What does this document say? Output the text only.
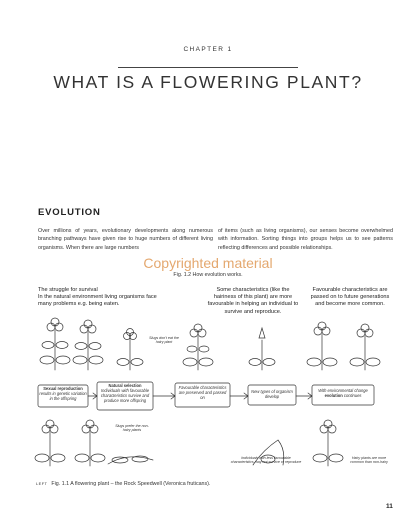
CHAPTER 1
WHAT IS A FLOWERING PLANT?
EVOLUTION
Over millions of years, evolutionary developments along numerous branching pathways have given rise to huge numbers of different living organisms. When there are large numbers
of items (such as living organisms), our senses become overwhelmed with information. Sorting things into groups helps us to see patterns reflecting differences and possible relationships.
Fig. 1.2 How evolution works.
The struggle for survival
In the natural environment living organisms face many problems e.g. being eaten.
Some characteristics (like the hairiness of this plant) are more favourable in helping an individual to survive and reproduce.
Favourable characteristics are passed on to future generations and become more common.
Slugs don't eat the hairy plant
Slugs prefer the non-hairy plants
Sexual reproduction
results in genetic variation in the offspring
Natural selection
Individuals with favourable characteristics survive and produce more offspring
Favourable characteristics are preserved and passed on
New types of organism develop
With environmental change evolution continues
Individuals with less favourable characteristics may not survive or reproduce
Hairy plants are more common than non-hairy
Copyrighted material
LEFT Fig. 1.1 A flowering plant – the Rock Speedwell (Veronica fruticans).
11
